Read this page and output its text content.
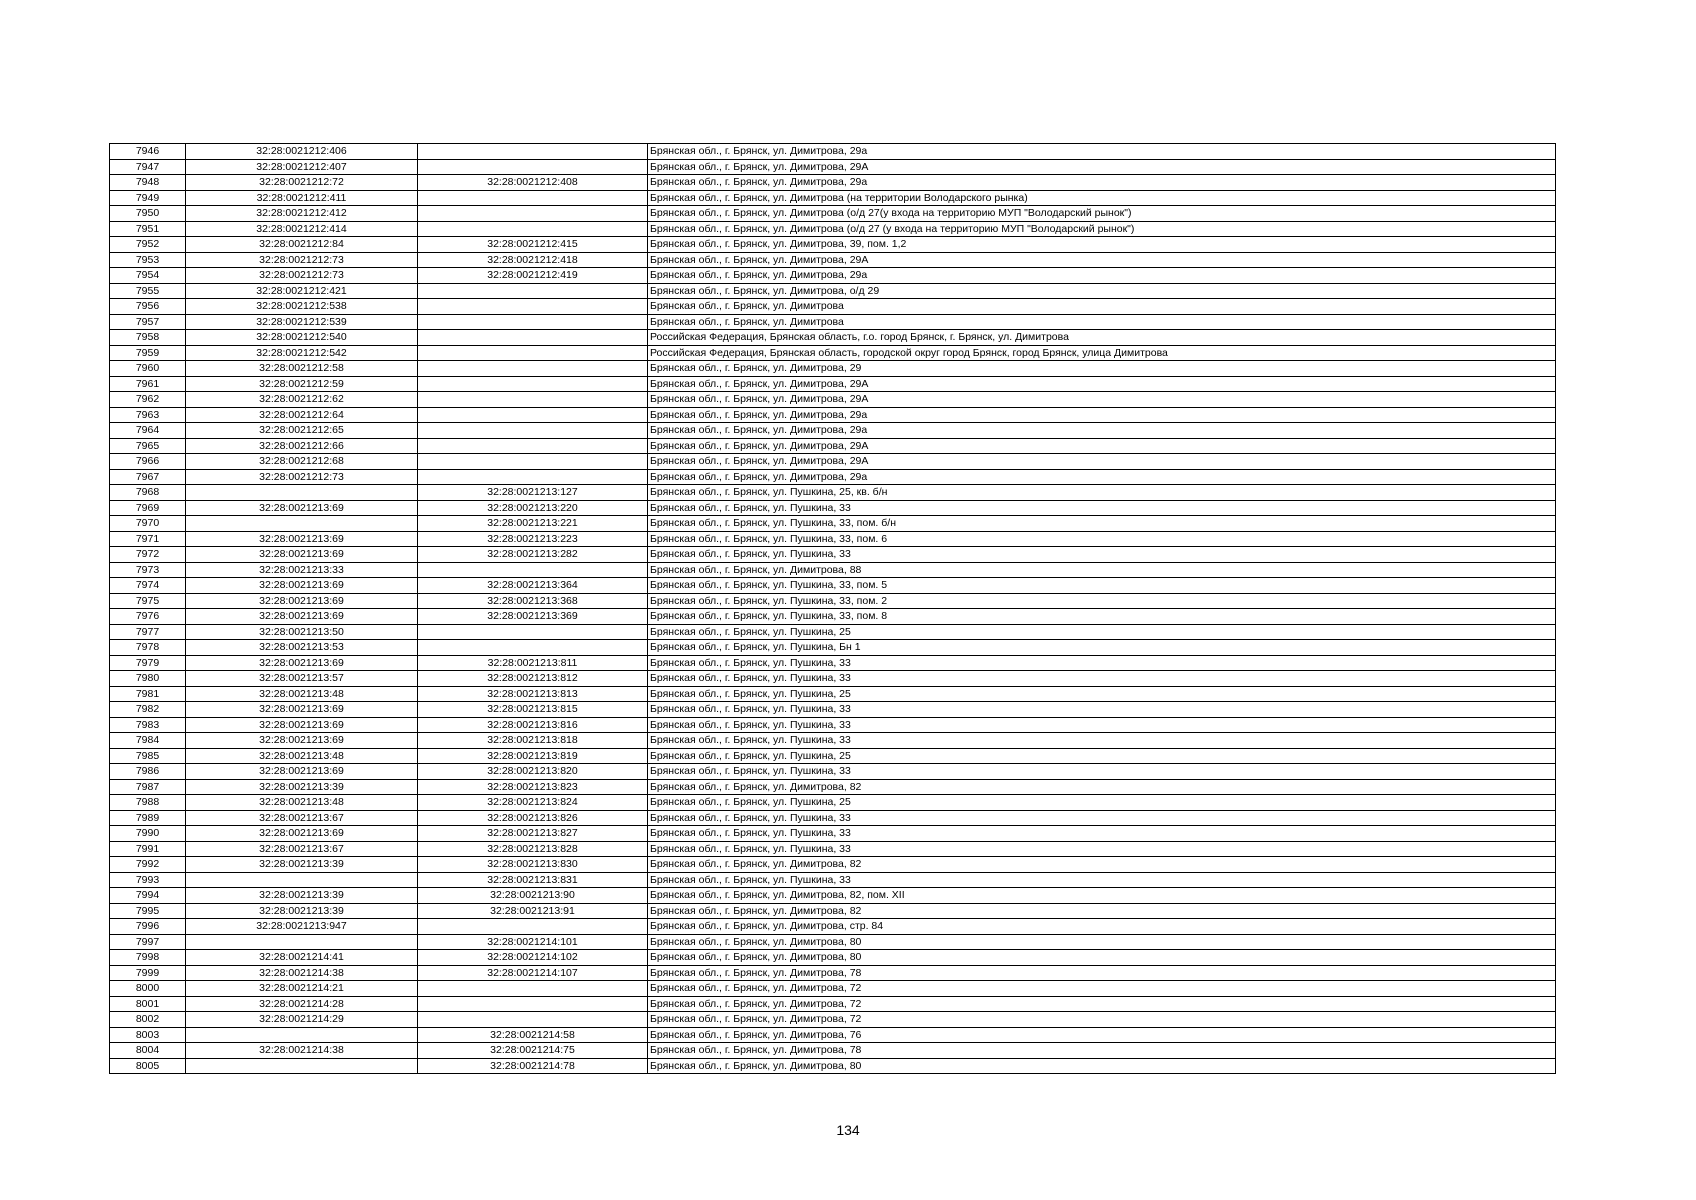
7946	32:28:0021212:406		Брянская обл., г. Брянск, ул. Димитрова, 29а
7947	32:28:0021212:407		Брянская обл., г. Брянск, ул. Димитрова, 29А
7948	32:28:0021212:72	32:28:0021212:408	Брянская обл., г. Брянск, ул. Димитрова, 29а
7949	32:28:0021212:411		Брянская обл., г. Брянск, ул. Димитрова (на территории Володарского рынка)
7950	32:28:0021212:412		Брянская обл., г. Брянск, ул. Димитрова (о/д 27(у входа на территорию МУП "Володарский рынок")
7951	32:28:0021212:414		Брянская обл., г. Брянск, ул. Димитрова (о/д 27 (у входа на территорию МУП "Володарский рынок")
7952	32:28:0021212:84	32:28:0021212:415	Брянская обл., г. Брянск, ул. Димитрова, 39, пом. 1,2
7953	32:28:0021212:73	32:28:0021212:418	Брянская обл., г. Брянск, ул. Димитрова, 29А
7954	32:28:0021212:73	32:28:0021212:419	Брянская обл., г. Брянск, ул. Димитрова, 29а
7955	32:28:0021212:421		Брянская обл., г. Брянск, ул. Димитрова, о/д 29
7956	32:28:0021212:538		Брянская обл., г. Брянск, ул. Димитрова
7957	32:28:0021212:539		Брянская обл., г. Брянск, ул. Димитрова
7958	32:28:0021212:540		Российская Федерация, Брянская область, г.о. город Брянск, г. Брянск, ул. Димитрова
7959	32:28:0021212:542		Российская Федерация, Брянская область, городской округ город Брянск, город Брянск, улица Димитрова
7960	32:28:0021212:58		Брянская обл., г. Брянск, ул. Димитрова, 29
7961	32:28:0021212:59		Брянская обл., г. Брянск, ул. Димитрова, 29А
7962	32:28:0021212:62		Брянская обл., г. Брянск, ул. Димитрова, 29А
7963	32:28:0021212:64		Брянская обл., г. Брянск, ул. Димитрова, 29а
7964	32:28:0021212:65		Брянская обл., г. Брянск, ул. Димитрова, 29а
7965	32:28:0021212:66		Брянская обл., г. Брянск, ул. Димитрова, 29А
7966	32:28:0021212:68		Брянская обл., г. Брянск, ул. Димитрова, 29А
7967	32:28:0021212:73		Брянская обл., г. Брянск, ул. Димитрова, 29а
7968		32:28:0021213:127	Брянская обл., г. Брянск, ул. Пушкина, 25, кв. б/н
7969	32:28:0021213:69	32:28:0021213:220	Брянская обл., г. Брянск, ул. Пушкина, 33
7970		32:28:0021213:221	Брянская обл., г. Брянск, ул. Пушкина, 33, пом. б/н
7971	32:28:0021213:69	32:28:0021213:223	Брянская обл., г. Брянск, ул. Пушкина, 33, пом. 6
7972	32:28:0021213:69	32:28:0021213:282	Брянская обл., г. Брянск, ул. Пушкина, 33
7973	32:28:0021213:33		Брянская обл., г. Брянск, ул. Димитрова, 88
7974	32:28:0021213:69	32:28:0021213:364	Брянская обл., г. Брянск, ул. Пушкина, 33, пом. 5
7975	32:28:0021213:69	32:28:0021213:368	Брянская обл., г. Брянск, ул. Пушкина, 33, пом. 2
7976	32:28:0021213:69	32:28:0021213:369	Брянская обл., г. Брянск, ул. Пушкина, 33, пом. 8
7977	32:28:0021213:50		Брянская обл., г. Брянск, ул. Пушкина, 25
7978	32:28:0021213:53		Брянская обл., г. Брянск, ул. Пушкина, Бн 1
7979	32:28:0021213:69	32:28:0021213:811	Брянская обл., г. Брянск, ул. Пушкина, 33
7980	32:28:0021213:57	32:28:0021213:812	Брянская обл., г. Брянск, ул. Пушкина, 33
7981	32:28:0021213:48	32:28:0021213:813	Брянская обл., г. Брянск, ул. Пушкина, 25
7982	32:28:0021213:69	32:28:0021213:815	Брянская обл., г. Брянск, ул. Пушкина, 33
7983	32:28:0021213:69	32:28:0021213:816	Брянская обл., г. Брянск, ул. Пушкина, 33
7984	32:28:0021213:69	32:28:0021213:818	Брянская обл., г. Брянск, ул. Пушкина, 33
7985	32:28:0021213:48	32:28:0021213:819	Брянская обл., г. Брянск, ул. Пушкина, 25
7986	32:28:0021213:69	32:28:0021213:820	Брянская обл., г. Брянск, ул. Пушкина, 33
7987	32:28:0021213:39	32:28:0021213:823	Брянская обл., г. Брянск, ул. Димитрова, 82
7988	32:28:0021213:48	32:28:0021213:824	Брянская обл., г. Брянск, ул. Пушкина, 25
7989	32:28:0021213:67	32:28:0021213:826	Брянская обл., г. Брянск, ул. Пушкина, 33
7990	32:28:0021213:69	32:28:0021213:827	Брянская обл., г. Брянск, ул. Пушкина, 33
7991	32:28:0021213:67	32:28:0021213:828	Брянская обл., г. Брянск, ул. Пушкина, 33
7992	32:28:0021213:39	32:28:0021213:830	Брянская обл., г. Брянск, ул. Димитрова, 82
7993		32:28:0021213:831	Брянская обл., г. Брянск, ул. Пушкина, 33
7994	32:28:0021213:39	32:28:0021213:90	Брянская обл., г. Брянск, ул. Димитрова, 82, пом. XII
7995	32:28:0021213:39	32:28:0021213:91	Брянская обл., г. Брянск, ул. Димитрова, 82
7996	32:28:0021213:947		Брянская обл., г. Брянск, ул. Димитрова, стр. 84
7997		32:28:0021214:101	Брянская обл., г. Брянск, ул. Димитрова, 80
7998	32:28:0021214:41	32:28:0021214:102	Брянская обл., г. Брянск, ул. Димитрова, 80
7999	32:28:0021214:38	32:28:0021214:107	Брянская обл., г. Брянск, ул. Димитрова, 78
8000	32:28:0021214:21		Брянская обл., г. Брянск, ул. Димитрова, 72
8001	32:28:0021214:28		Брянская обл., г. Брянск, ул. Димитрова, 72
8002	32:28:0021214:29		Брянская обл., г. Брянск, ул. Димитрова, 72
8003		32:28:0021214:58	Брянская обл., г. Брянск, ул. Димитрова, 76
8004	32:28:0021214:38	32:28:0021214:75	Брянская обл., г. Брянск, ул. Димитрова, 78
8005		32:28:0021214:78	Брянская обл., г. Брянск, ул. Димитрова, 80
134
